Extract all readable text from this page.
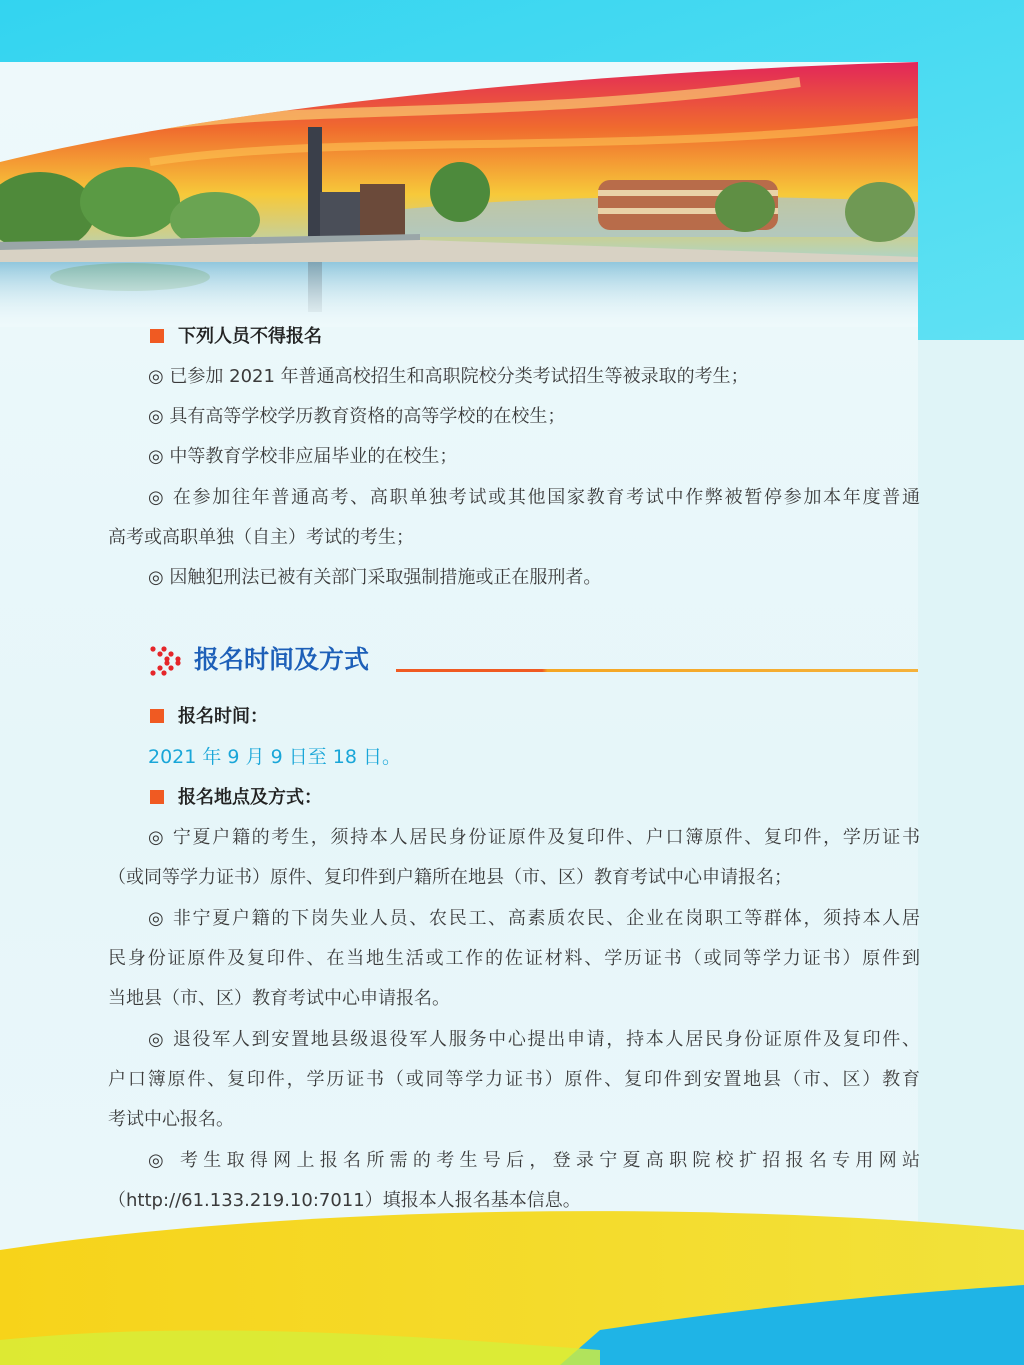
下列人员不得报名

◎ 已参加 2021 年普通高校招生和高职院校分类考试招生等被录取的考生；

◎ 具有高等学校学历教育资格的高等学校的在校生；

◎ 中等教育学校非应届毕业的在校生；

◎ 在参加往年普通高考、高职单独考试或其他国家教育考试中作弊被暂停参加本年度普通

高考或高职单独（自主）考试的考生；

◎ 因触犯刑法已被有关部门采取强制措施或正在服刑者。

报名时间及方式

报名时间：

2021 年 9 月 9 日至 18 日。

报名地点及方式：

◎ 宁夏户籍的考生，须持本人居民身份证原件及复印件、户口簿原件、复印件，学历证书

（或同等学力证书）原件、复印件到户籍所在地县（市、区）教育考试中心申请报名；

◎ 非宁夏户籍的下岗失业人员、农民工、高素质农民、企业在岗职工等群体，须持本人居

民身份证原件及复印件、在当地生活或工作的佐证材料、学历证书（或同等学力证书）原件到

当地县（市、区）教育考试中心申请报名。

◎ 退役军人到安置地县级退役军人服务中心提出申请，持本人居民身份证原件及复印件、

户口簿原件、复印件，学历证书（或同等学力证书）原件、复印件到安置地县（市、区）教育

考试中心报名。

◎ 考生取得网上报名所需的考生号后，登录宁夏高职院校扩招报名专用网站

（http://61.133.219.10:7011）填报本人报名基本信息。
